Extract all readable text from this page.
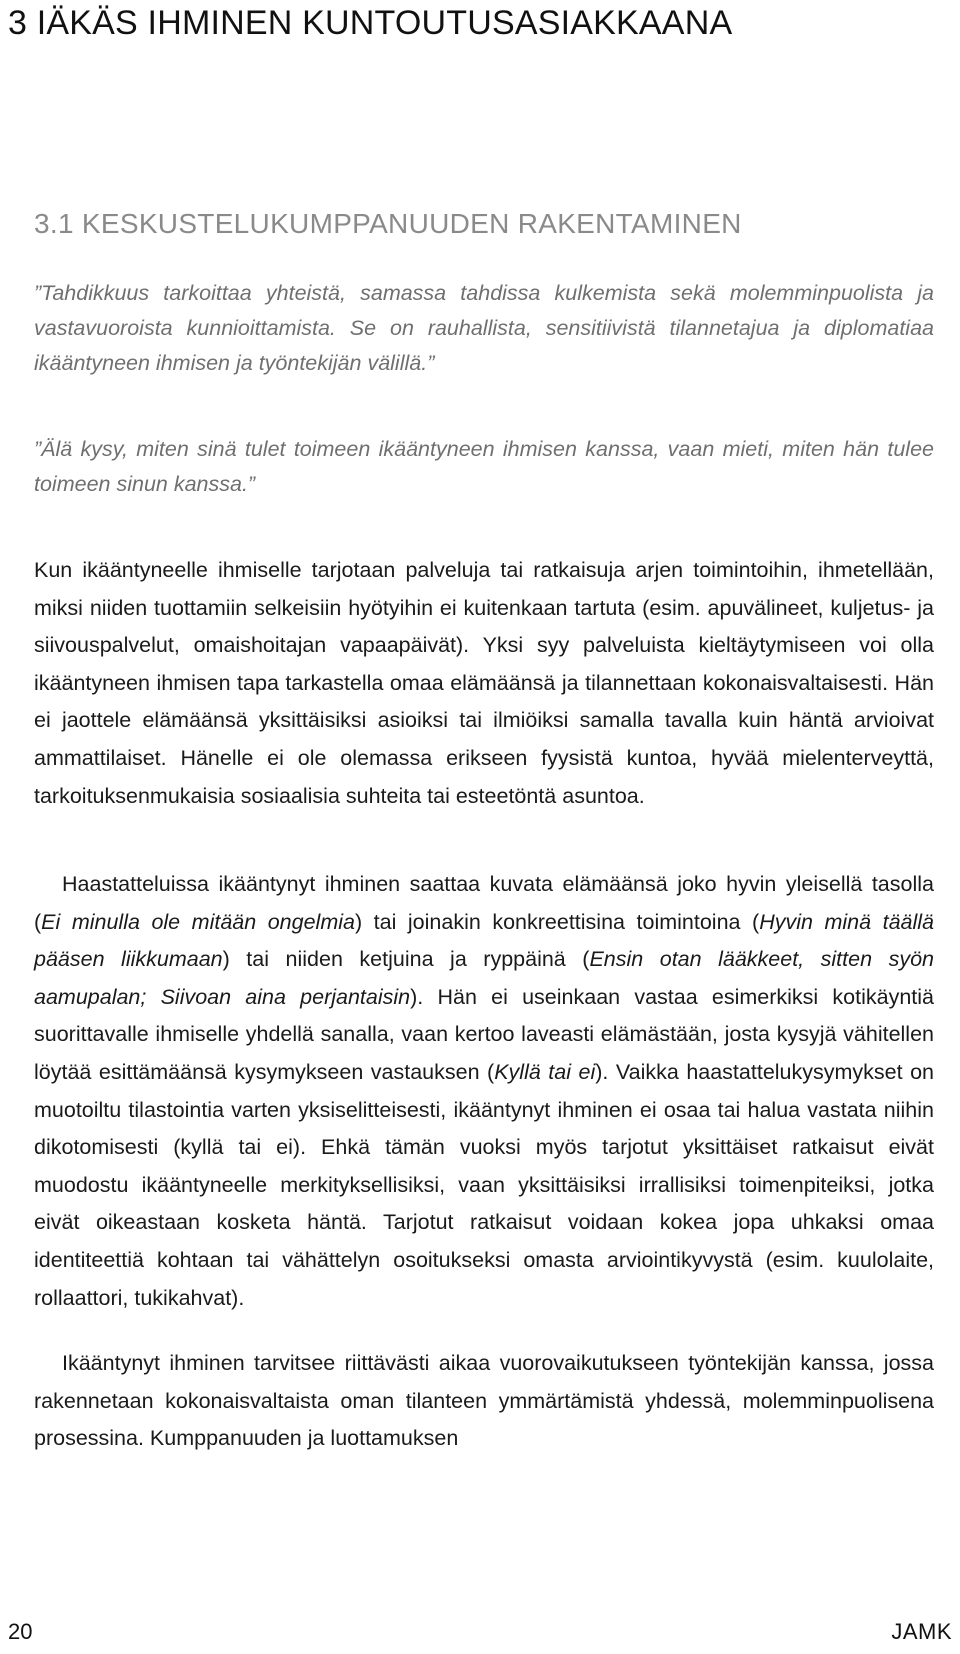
3 IÄKÄS IHMINEN KUNTOUTUSASIAKKAANA
3.1 KESKUSTELUKUMPPANUUDEN RAKENTAMINEN

”Tahdikkuus tarkoittaa yhteistä, samassa tahdissa kulkemista sekä molemminpuolista ja vastavuoroista kunnioittamista. Se on rauhallista, sensitiivistä tilannetajua ja diplomatiaa ikääntyneen ihmisen ja työntekijän välillä.”

”Älä kysy, miten sinä tulet toimeen ikääntyneen ihmisen kanssa, vaan mieti, miten hän tulee toimeen sinun kanssa.”

Kun ikääntyneelle ihmiselle tarjotaan palveluja tai ratkaisuja arjen toimintoihin, ihmetellään, miksi niiden tuottamiin selkeisiin hyötyihin ei kuitenkaan tartuta (esim. apuvälineet, kuljetus- ja siivouspalvelut, omaishoitajan vapaapäivät). Yksi syy palveluista kieltäytymiseen voi olla ikääntyneen ihmisen tapa tarkastella omaa elämäänsä ja tilannettaan kokonaisvaltaisesti. Hän ei jaottele elämäänsä yksittäisiksi asioiksi tai ilmiöiksi samalla tavalla kuin häntä arvioivat ammattilaiset. Hänelle ei ole olemassa erikseen fyysistä kuntoa, hyvää mielenterveyttä, tarkoituksenmukaisia sosiaalisia suhteita tai esteetöntä asuntoa.

Haastatteluissa ikääntynyt ihminen saattaa kuvata elämäänsä joko hyvin yleisellä tasolla (Ei minulla ole mitään ongelmia) tai joinakin konkreettisina toimintoina (Hyvin minä täällä pääsen liikkumaan) tai niiden ketjuina ja ryppäinä (Ensin otan lääkkeet, sitten syön aamupalan; Siivoan aina perjantaisin). Hän ei useinkaan vastaa esimerkiksi kotikäyntiä suorittavalle ihmiselle yhdellä sanalla, vaan kertoo laveasti elämästään, josta kysyjä vähitellen löytää esittämäänsä kysymykseen vastauksen (Kyllä tai ei). Vaikka haastattelukysymykset on muotoiltu tilastointia varten yksiselitteisesti, ikääntynyt ihminen ei osaa tai halua vastata niihin dikotomisesti (kyllä tai ei). Ehkä tämän vuoksi myös tarjotut yksittäiset ratkaisut eivät muodostu ikääntyneelle merkityksellisiksi, vaan yksittäisiksi irrallisiksi toimenpiteiksi, jotka eivät oikeastaan kosketa häntä. Tarjotut ratkaisut voidaan kokea jopa uhkaksi omaa identiteettiä kohtaan tai vähättelyn osoitukseksi omasta arviointikyvystä (esim. kuulolaite, rollaattori, tukikahvat).

Ikääntynyt ihminen tarvitsee riittävästi aikaa vuorovaikutukseen työntekijän kanssa, jossa rakennetaan kokonaisvaltaista oman tilanteen ymmärtämistä yhdessä, molemminpuolisena prosessina. Kumppanuuden ja luottamuksen

20	JAMK
